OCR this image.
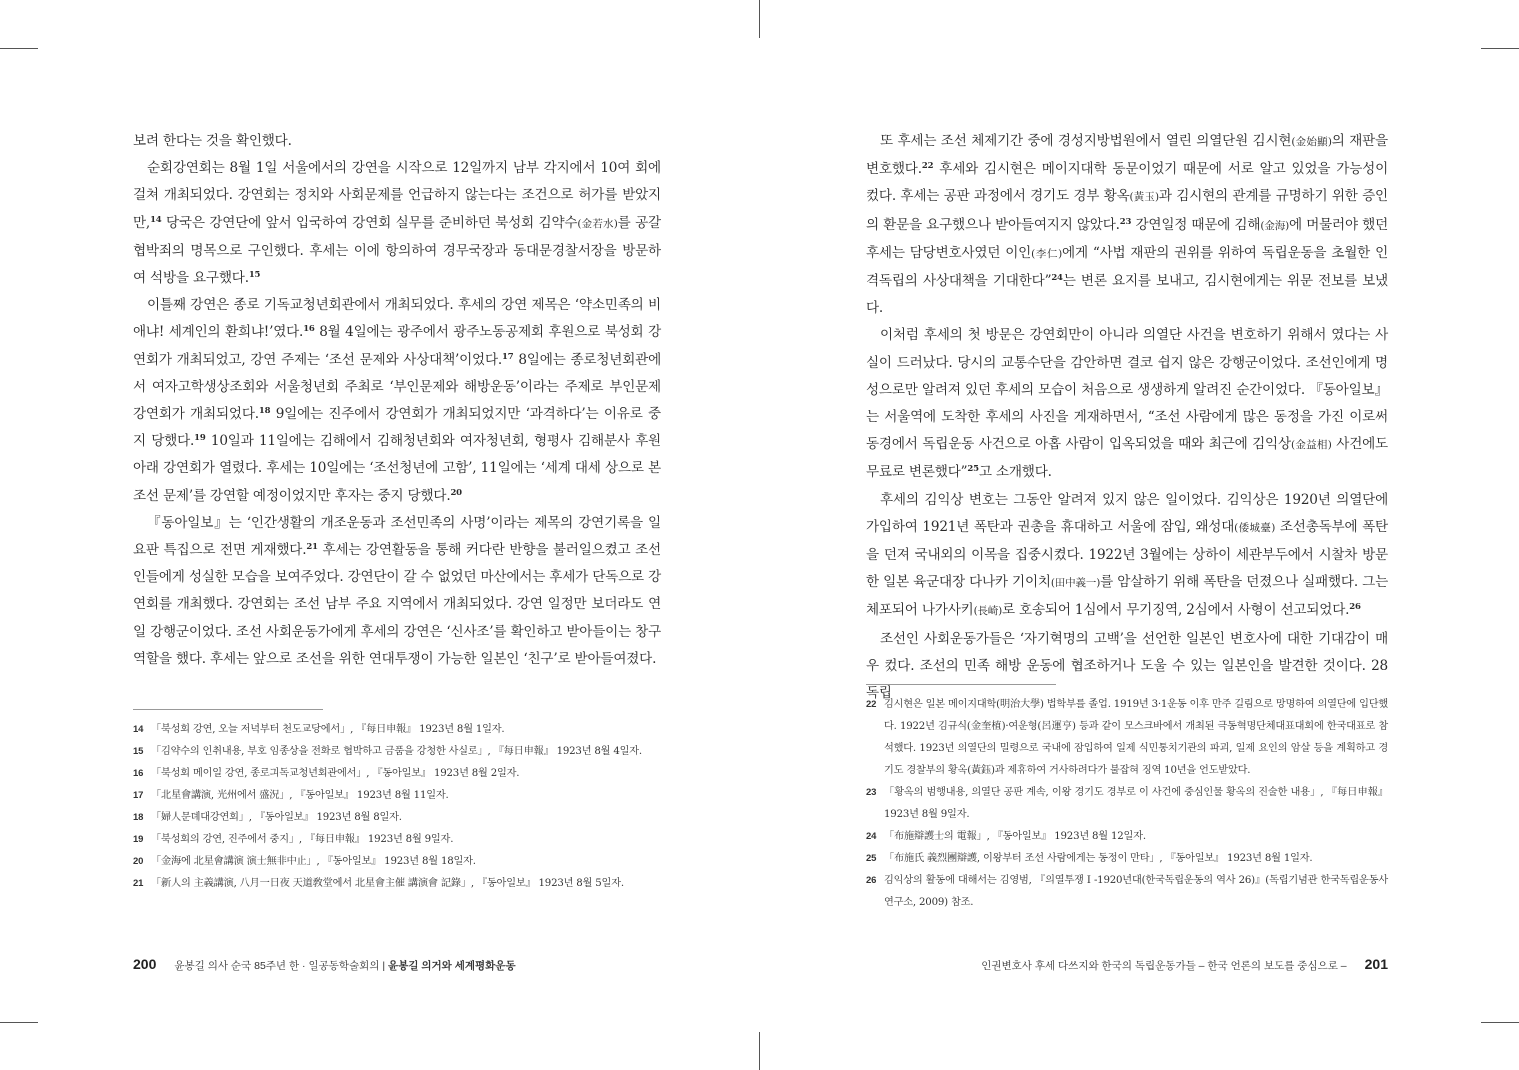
보려 한다는 것을 확인했다.

순회강연회는 8월 1일 서울에서의 강연을 시작으로 12일까지 남부 각지에서 10여 회에 걸쳐 개최되었다. 강연회는 정치와 사회문제를 언급하지 않는다는 조건으로 허가를 받았지만,$^{14}$ 당국은 강연단에 앞서 입국하여 강연회 실무를 준비하던 북성회 김약수(金若水)를 공갈협박죄의 명목으로 구인했다. 후세는 이에 항의하여 경무국장과 동대문경찰서장을 방문하여 석방을 요구했다.$^{15}$

이틀째 강연은 종로 기독교청년회관에서 개최되었다. 후세의 강연 제목은 ‘약소민족의 비애냐! 세계인의 환희냐!’였다.$^{16}$ 8월 4일에는 광주에서 광주노동공제회 후원으로 북성회 강연회가 개최되었고, 강연 주제는 ‘조선 문제와 사상대책’이었다.$^{17}$ 8일에는 종로청년회관에서 여자고학생상조회와 서울청년회 주최로 ‘부인문제와 해방운동’이라는 주제로 부인문제강연회가 개최되었다.$^{18}$ 9일에는 진주에서 강연회가 개최되었지만 ‘과격하다’는 이유로 중지 당했다.$^{19}$ 10일과 11일에는 김해에서 김해청년회와 여자청년회, 형평사 김해분사 후원 아래 강연회가 열렸다. 후세는 10일에는 ‘조선청년에 고함’, 11일에는 ‘세계 대세 상으로 본 조선 문제’를 강연할 예정이었지만 후자는 중지 당했다.$^{20}$

『동아일보』는 ‘인간생활의 개조운동과 조선민족의 사명’이라는 제목의 강연기록을 일요판 특집으로 전면 게재했다.$^{21}$ 후세는 강연활동을 통해 커다란 반향을 불러일으켰고 조선인들에게 성실한 모습을 보여주었다. 강연단이 갈 수 없었던 마산에서는 후세가 단독으로 강연회를 개최했다. 강연회는 조선 남부 주요 지역에서 개최되었다. 강연 일정만 보더라도 연일 강행군이었다. 조선 사회운동가에게 후세의 강연은 ‘신사조’를 확인하고 받아들이는 창구 역할을 했다. 후세는 앞으로 조선을 위한 연대투쟁이 가능한 일본인 ‘친구’로 받아들여졌다.

14 「북성회 강연, 오늘 저녁부터 천도교당에서」, 『每日申報』 1923년 8월 1일자.
15 「김약수의 인취내용, 부호 임종상을 전화로 협박하고 금품을 강청한 사실로」, 『每日申報』 1923년 8월 4일자.
16 「북성회 메이일 강연, 종로긔독교청년회관에서」, 『동아일보』 1923년 8월 2일자.
17 「北星會講演, 光州에서 盛況」, 『동아일보』 1923년 8월 11일자.
18 「婦人문뎨대강연회」, 『동아일보』 1923년 8월 8일자.
19 「북성회의 강연, 진주에서 중지」, 『每日申報』 1923년 8월 9일자.
20 「金海에 北星會講演 演士無非中止」, 『동아일보』 1923년 8월 18일자.
21 「新人의 主義講演, 八月一日夜 天道敎堂에서 北星會主催 講演會 記錄」, 『동아일보』 1923년 8월 5일자.
200 윤봉길 의사 순국 85주년 한 · 일공동학술회의 | 윤봉길 의거와 세계평화운동

또 후세는 조선 체제기간 중에 경성지방법원에서 열린 의열단원 김시현(金始顯)의 재판을 변호했다.$^{22}$ 후세와 김시현은 메이지대학 동문이었기 때문에 서로 알고 있었을 가능성이 컸다. 후세는 공판 과정에서 경기도 경부 황옥(黃玉)과 김시현의 관계를 규명하기 위한 증인의 환문을 요구했으나 받아들여지지 않았다.$^{23}$ 강연일정 때문에 김해(金海)에 머물러야 했던 후세는 담당변호사였던 이인(李仁)에게 “사법 재판의 권위를 위하여 독립운동을 초월한 인격독립의 사상대책을 기대한다”$^{24}$는 변론 요지를 보내고, 김시현에게는 위문 전보를 보냈다.

이처럼 후세의 첫 방문은 강연회만이 아니라 의열단 사건을 변호하기 위해서 였다는 사실이 드러났다. 당시의 교통수단을 감안하면 결코 쉽지 않은 강행군이었다. 조선인에게 명성으로만 알려져 있던 후세의 모습이 처음으로 생생하게 알려진 순간이었다. 『동아일보』는 서울역에 도착한 후세의 사진을 게재하면서, “조선 사람에게 많은 동정을 가진 이로써 동경에서 독립운동 사건으로 아홉 사람이 입옥되었을 때와 최근에 김익상(金益相) 사건에도 무료로 변론했다”$^{25}$고 소개했다.

후세의 김익상 변호는 그동안 알려져 있지 않은 일이었다. 김익상은 1920년 의열단에 가입하여 1921년 폭탄과 권총을 휴대하고 서울에 잠입, 왜성대(倭城臺) 조선총독부에 폭탄을 던져 국내외의 이목을 집중시켰다. 1922년 3월에는 상하이 세관부두에서 시찰차 방문한 일본 육군대장 다나카 기이치(田中義一)를 암살하기 위해 폭탄을 던졌으나 실패했다. 그는 체포되어 나가사키(長崎)로 호송되어 1심에서 무기징역, 2심에서 사형이 선고되었다.$^{26}$

조선인 사회운동가들은 ‘자기혁명의 고백’을 선언한 일본인 변호사에 대한 기대감이 매우 컸다. 조선의 민족 해방 운동에 협조하거나 도울 수 있는 일본인을 발견한 것이다. 28 독립

22 김시현은 일본 메이지대학(明治大學) 법학부를 졸업. 1919년 3·1운동 이후 만주 길림으로 망명하여 의열단에 입단했다. 1922년 김규식(金奎植)·여운형(呂運亨) 등과 같이 모스크바에서 개최된 극동혁명단체대표대회에 한국대표로 참석했다. 1923년 의열단의 밀령으로 국내에 잠입하여 일제 식민통치기관의 파괴, 일제 요인의 암살 등을 계획하고 경기도 경찰부의 황옥(黃鈺)과 제휴하여 거사하려다가 불잡혀 징역 10년을 언도받았다.
23 「황옥의 범행내용, 의열단 공판 계속, 이왕 경기도 경부로 이 사건에 중심인물 황옥의 진술한 내용」, 『每日申報』 1923년 8월 9일자.
24 「布施辯護士의 電報」, 『동아일보』 1923년 8월 12일자.
25 「布施氏 義烈團辯護, 이왕부터 조선 사람에게는 동정이 만타」, 『동아일보』 1923년 8월 1일자.
26 김익상의 활동에 대해서는 김영범, 『의열투쟁 I -1920년대(한국독립운동의 역사 26)』(독립기념관 한국독립운동사연구소, 2009) 참조.
인권변호사 후세 다쓰지와 한국의 독립운동가들 – 한국 언론의 보도를 중심으로 – 201
